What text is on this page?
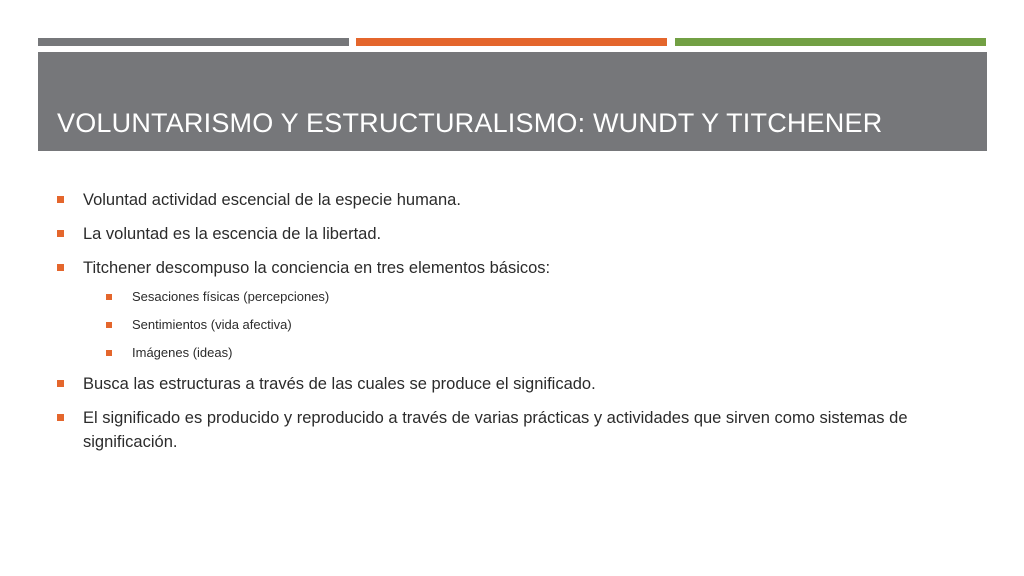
VOLUNTARISMO Y ESTRUCTURALISMO: WUNDT Y TITCHENER
Voluntad actividad escencial de la especie humana.
La voluntad es la escencia de la libertad.
Titchener descompuso la conciencia en tres elementos básicos:
Sesaciones físicas (percepciones)
Sentimientos (vida afectiva)
Imágenes (ideas)
Busca las estructuras a través de las cuales se produce el significado.
El significado es producido y reproducido a través de varias prácticas y actividades que sirven como sistemas de significación.
